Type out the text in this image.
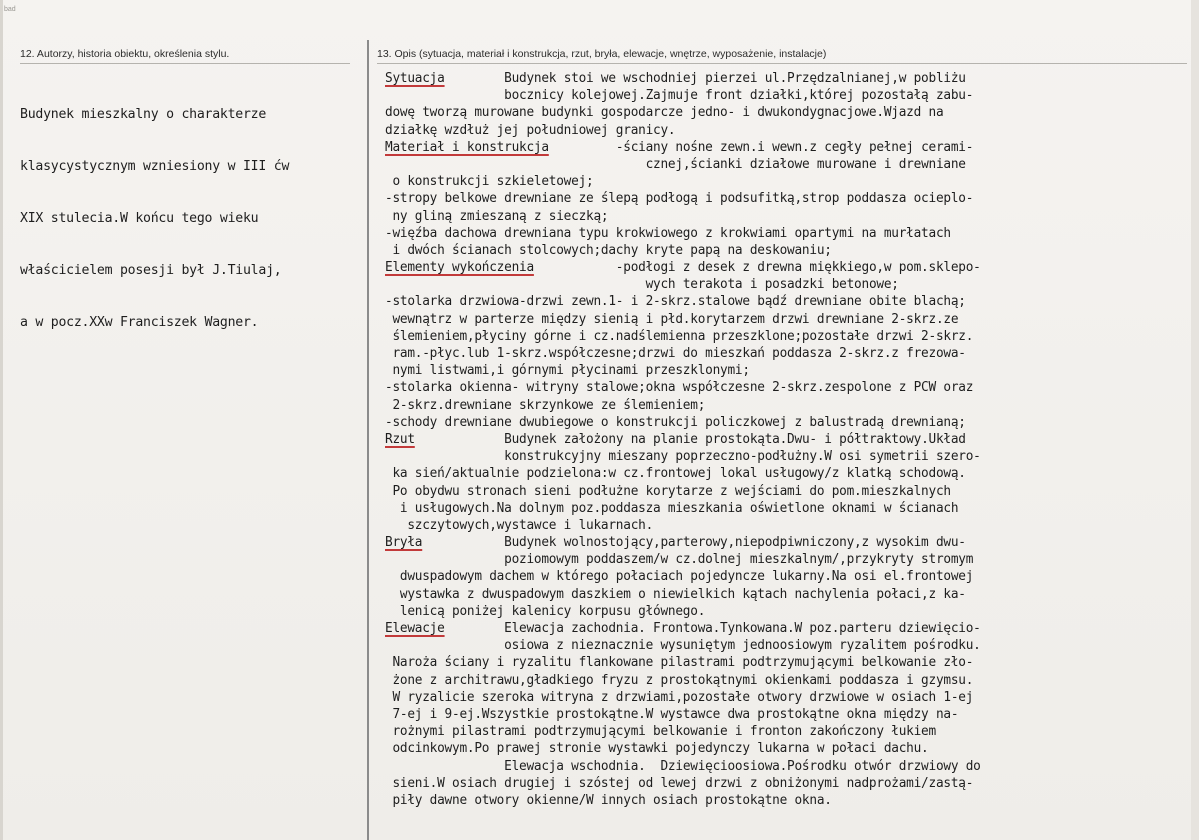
bad
12. Autorzy, historia obiektu, określenia stylu.	13. Opis (sytuacja, materiał i konstrukcja, rzut, bryła, elewacje, wnętrze, wyposażenie, instalacje)

Budynek mieszkalny o charakterze

klasycystycznym wzniesiony w III ćw

XIX stulecia.W końcu tego wieku

właścicielem posesji był J.Tiulaj,

a w pocz.XXw Franciszek Wagner.

Sytuacja	Budynek stoi we wschodniej pierzei ul.Przędzalnianej,w pobliżu
bocznicy kolejowej.Zajmuje front działki,której pozostałą zabu-
dowę tworzą murowane budynki gospodarcze jedno- i dwukondygnacjowe.Wjazd na
działkę wzdłuż jej południowej granicy.
Materiał i konstrukcja	-ściany nośne zewn.i wewn.z cegły pełnej cerami-
cznej,ścianki działowe murowane i drewniane
o konstrukcji szkieletowej;
-stropy belkowe drewniane ze ślepą podłogą i podsufitką,strop poddasza ocieplo-
ny gliną zmieszaną z sieczką;
-więźba dachowa drewniana typu krokwiowego z krokwiami opartymi na murłatach
i dwóch ścianach stolcowych;dachy kryte papą na deskowaniu;
Elementy wykończenia	-podłogi z desek z drewna miękkiego,w pom.sklepo-
wych terakota i posadzki betonowe;
-stolarka drzwiowa-drzwi zewn.1- i 2-skrz.stalowe bądź drewniane obite blachą;
wewnątrz w parterze między sienią i płd.korytarzem drzwi drewniane 2-skrz.ze
ślemieniem,płyciny górne i cz.nadślemienna przeszklone;pozostałe drzwi 2-skrz.
ram.-płyc.lub 1-skrz.współczesne;drzwi do mieszkań poddasza 2-skrz.z frezowa-
nymi listwami,i górnymi płycinami przeszklonymi;
-stolarka okienna- witryny stalowe;okna współczesne 2-skrz.zespolone z PCW oraz
2-skrz.drewniane skrzynkowe ze ślemieniem;
-schody drewniane dwubiegowe o konstrukcji policzkowej z balustradą drewnianą;
Rzut	Budynek założony na planie prostokąta.Dwu- i półtraktowy.Układ
konstrukcyjny mieszany poprzeczno-podłużny.W osi symetrii szero-
ka sień/aktualnie podzielona:w cz.frontowej lokal usługowy/z klatką schodową.
Po obydwu stronach sieni podłużne korytarze z wejściami do pom.mieszkalnych
i usługowych.Na dolnym poz.poddasza mieszkania oświetlone oknami w ścianach
szczytowych,wystawce i lukarnach.
Bryła	Budynek wolnostojący,parterowy,niepodpiwniczony,z wysokim dwu-
poziomowym poddaszem/w cz.dolnej mieszkalnym/,przykryty stromym
dwuspadowym dachem w którego połaciach pojedyncze lukarny.Na osi el.frontowej
wystawka z dwuspadowym daszkiem o niewielkich kątach nachylenia połaci,z ka-
lenicą poniżej kalenicy korpusu głównego.
Elewacje	Elewacja zachodnia. Frontowa.Tynkowana.W poz.parteru dziewięcio-
osiowa z nieznacznie wysuniętym jednoosiowym ryzalitem pośrodku.
Naroża ściany i ryzalitu flankowane pilastrami podtrzymującymi belkowanie zło-
żone z architrawu,gładkiego fryzu z prostokątnymi okienkami poddasza i gzymsu.
W ryzalicie szeroka witryna z drzwiami,pozostałe otwory drzwiowe w osiach 1-ej
7-ej i 9-ej.Wszystkie prostokątne.W wystawce dwa prostokątne okna między na-
rożnymi pilastrami podtrzymującymi belkowanie i fronton zakończony łukiem
odcinkowym.Po prawej stronie wystawki pojedynczy lukarna w połaci dachu.
Elewacja wschodnia.  Dziewięcioosiowa.Pośrodku otwór drzwiowy do
sieni.W osiach drugiej i szóstej od lewej drzwi z obniżonymi nadprożami/zastą-
piły dawne otwory okienne/W innych osiach prostokątne okna.
